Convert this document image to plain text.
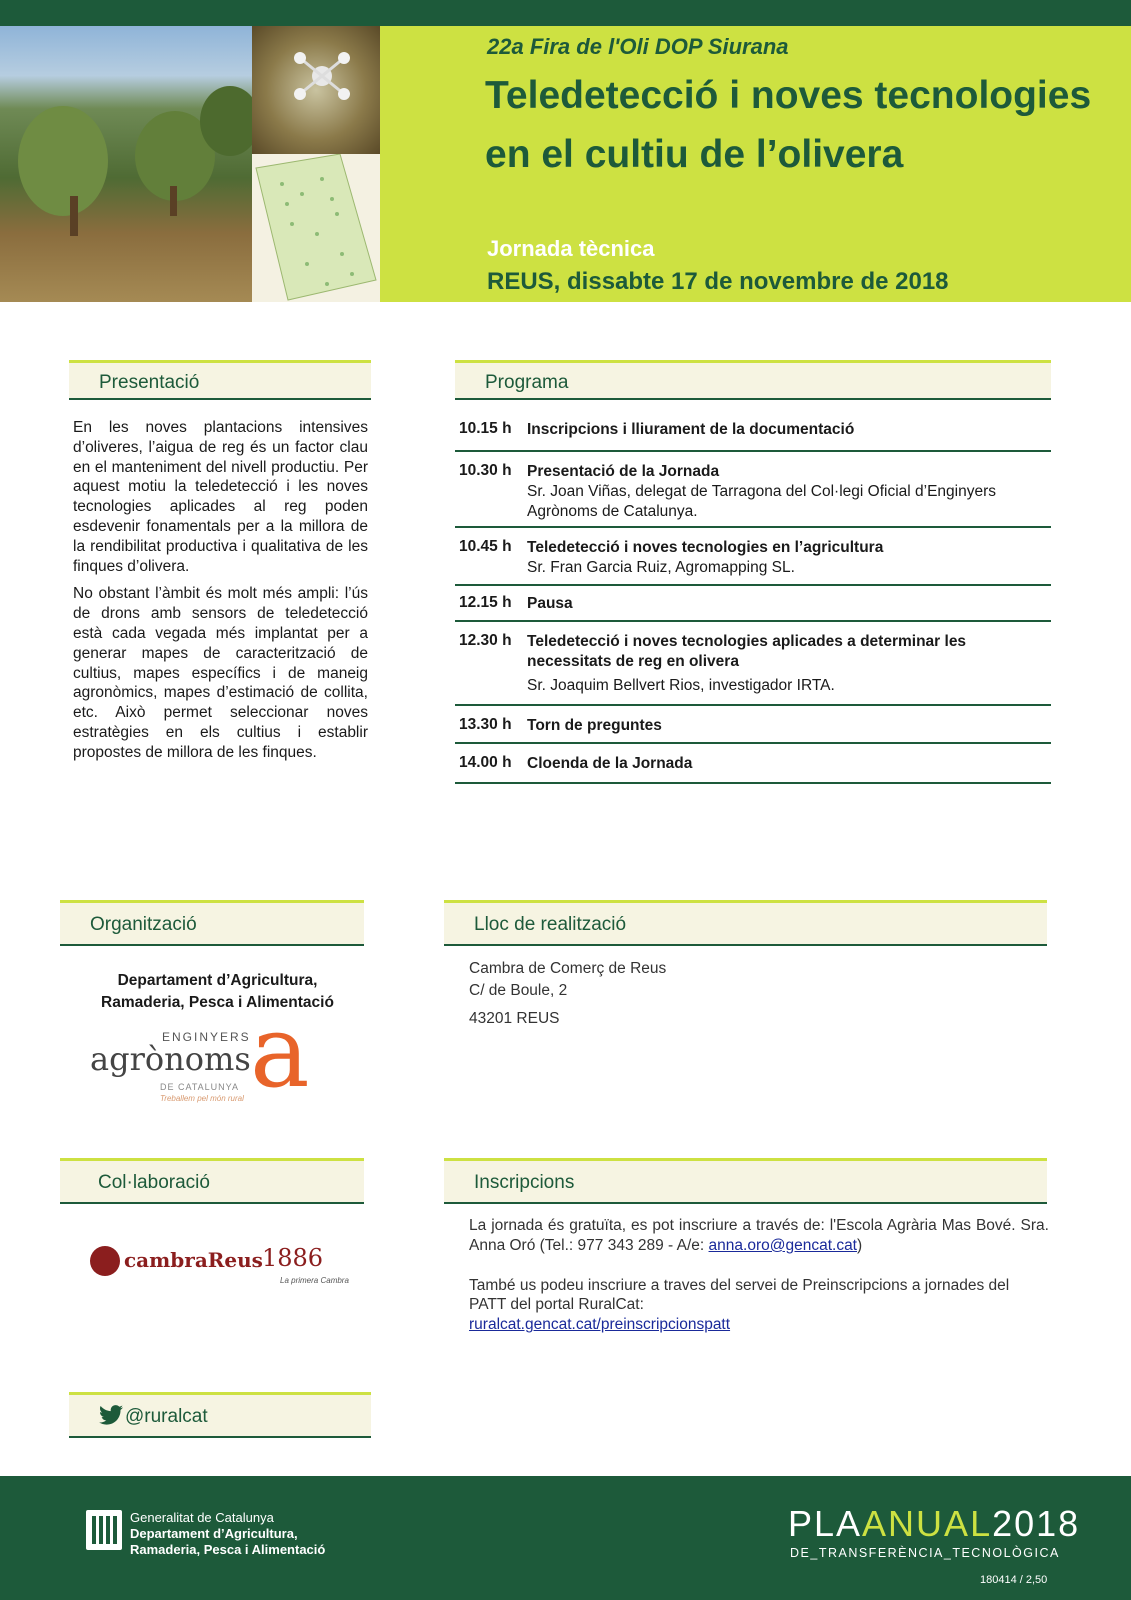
22a Fira de l'Oli DOP Siurana
Teledetecció i noves tecnologies en el cultiu de l’olivera
Jornada tècnica
REUS, dissabte 17 de novembre de 2018
Presentació

En les noves plantacions intensives d’oliveres, l’aigua de reg és un factor clau en el manteniment del nivell productiu. Per aquest motiu la teledetecció i les noves tecnologies aplicades al reg poden esdevenir fonamentals per a la millora de la rendibilitat productiva i qualitativa de les finques d’olivera.

No obstant l’àmbit és molt més ampli: l’ús de drons amb sensors de teledetecció està cada vegada més implantat per a generar mapes de caracterització de cultius, mapes específics i de maneig agronòmics, mapes d’estimació de collita, etc. Això permet seleccionar noves estratègies en els cultius i establir propostes de millora de les finques.

Programa
10.15 h Inscripcions i lliurament de la documentació
10.30 h Presentació de la Jornada
Sr. Joan Viñas, delegat de Tarragona del Col·legi Oficial d’Enginyers Agrònoms de Catalunya.
10.45 h Teledetecció i noves tecnologies en l’agricultura
Sr. Fran Garcia Ruiz, Agromapping SL.
12.15 h Pausa
12.30 h Teledetecció i noves tecnologies aplicades a determinar les necessitats de reg en olivera
Sr. Joaquim Bellvert Rios, investigador IRTA.
13.30 h Torn de preguntes
14.00 h Cloenda de la Jornada
Organització
Departament d’Agricultura, Ramaderia, Pesca i Alimentació
ENGINYERS
agrònoms
DE CATALUNYA
Treballem pel món rural a
Lloc de realització
Cambra de Comerç de Reus
C/ de Boule, 2
43201 REUS
Col·laboració
cambraReus 1886
La primera Cambra
Inscripcions

La jornada és gratuïta, es pot inscriure a través de: l'Escola Agrària Mas Bové. Sra. Anna Oró (Tel.: 977 343 289 - A/e: anna.oro@gencat.cat)

També us podeu inscriure a traves del servei de Preinscripcions a jornades del PATT del portal RuralCat:
ruralcat.gencat.cat/preinscripcionspatt

@ruralcat
Generalitat de Catalunya
Departament d’Agricultura,
Ramaderia, Pesca i Alimentació
PLAANUAL2018
DE_TRANSFERÈNCIA_TECNOLÒGICA
180414 / 2,50
